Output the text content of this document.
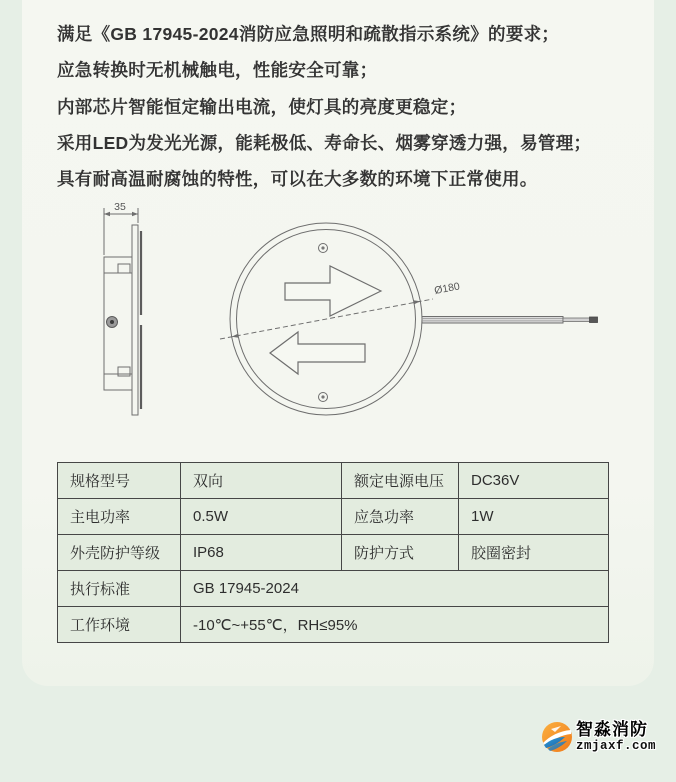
满足《GB 17945-2024消防应急照明和疏散指示系统》的要求；
应急转换时无机械触电，性能安全可靠；
内部芯片智能恒定输出电流，使灯具的亮度更稳定；
采用LED为发光光源，能耗极低、寿命长、烟雾穿透力强，易管理；
具有耐高温耐腐蚀的特性，可以在大多数的环境下正常使用。
35
Ø180
规格型号	双向	额定电源电压	DC36V
主电功率	0.5W	应急功率	1W
外壳防护等级	IP68	防护方式	胶圈密封
执行标准	GB 17945-2024
工作环境	-10℃~+55℃，RH≤95%
智淼消防
zmjaxf.com
